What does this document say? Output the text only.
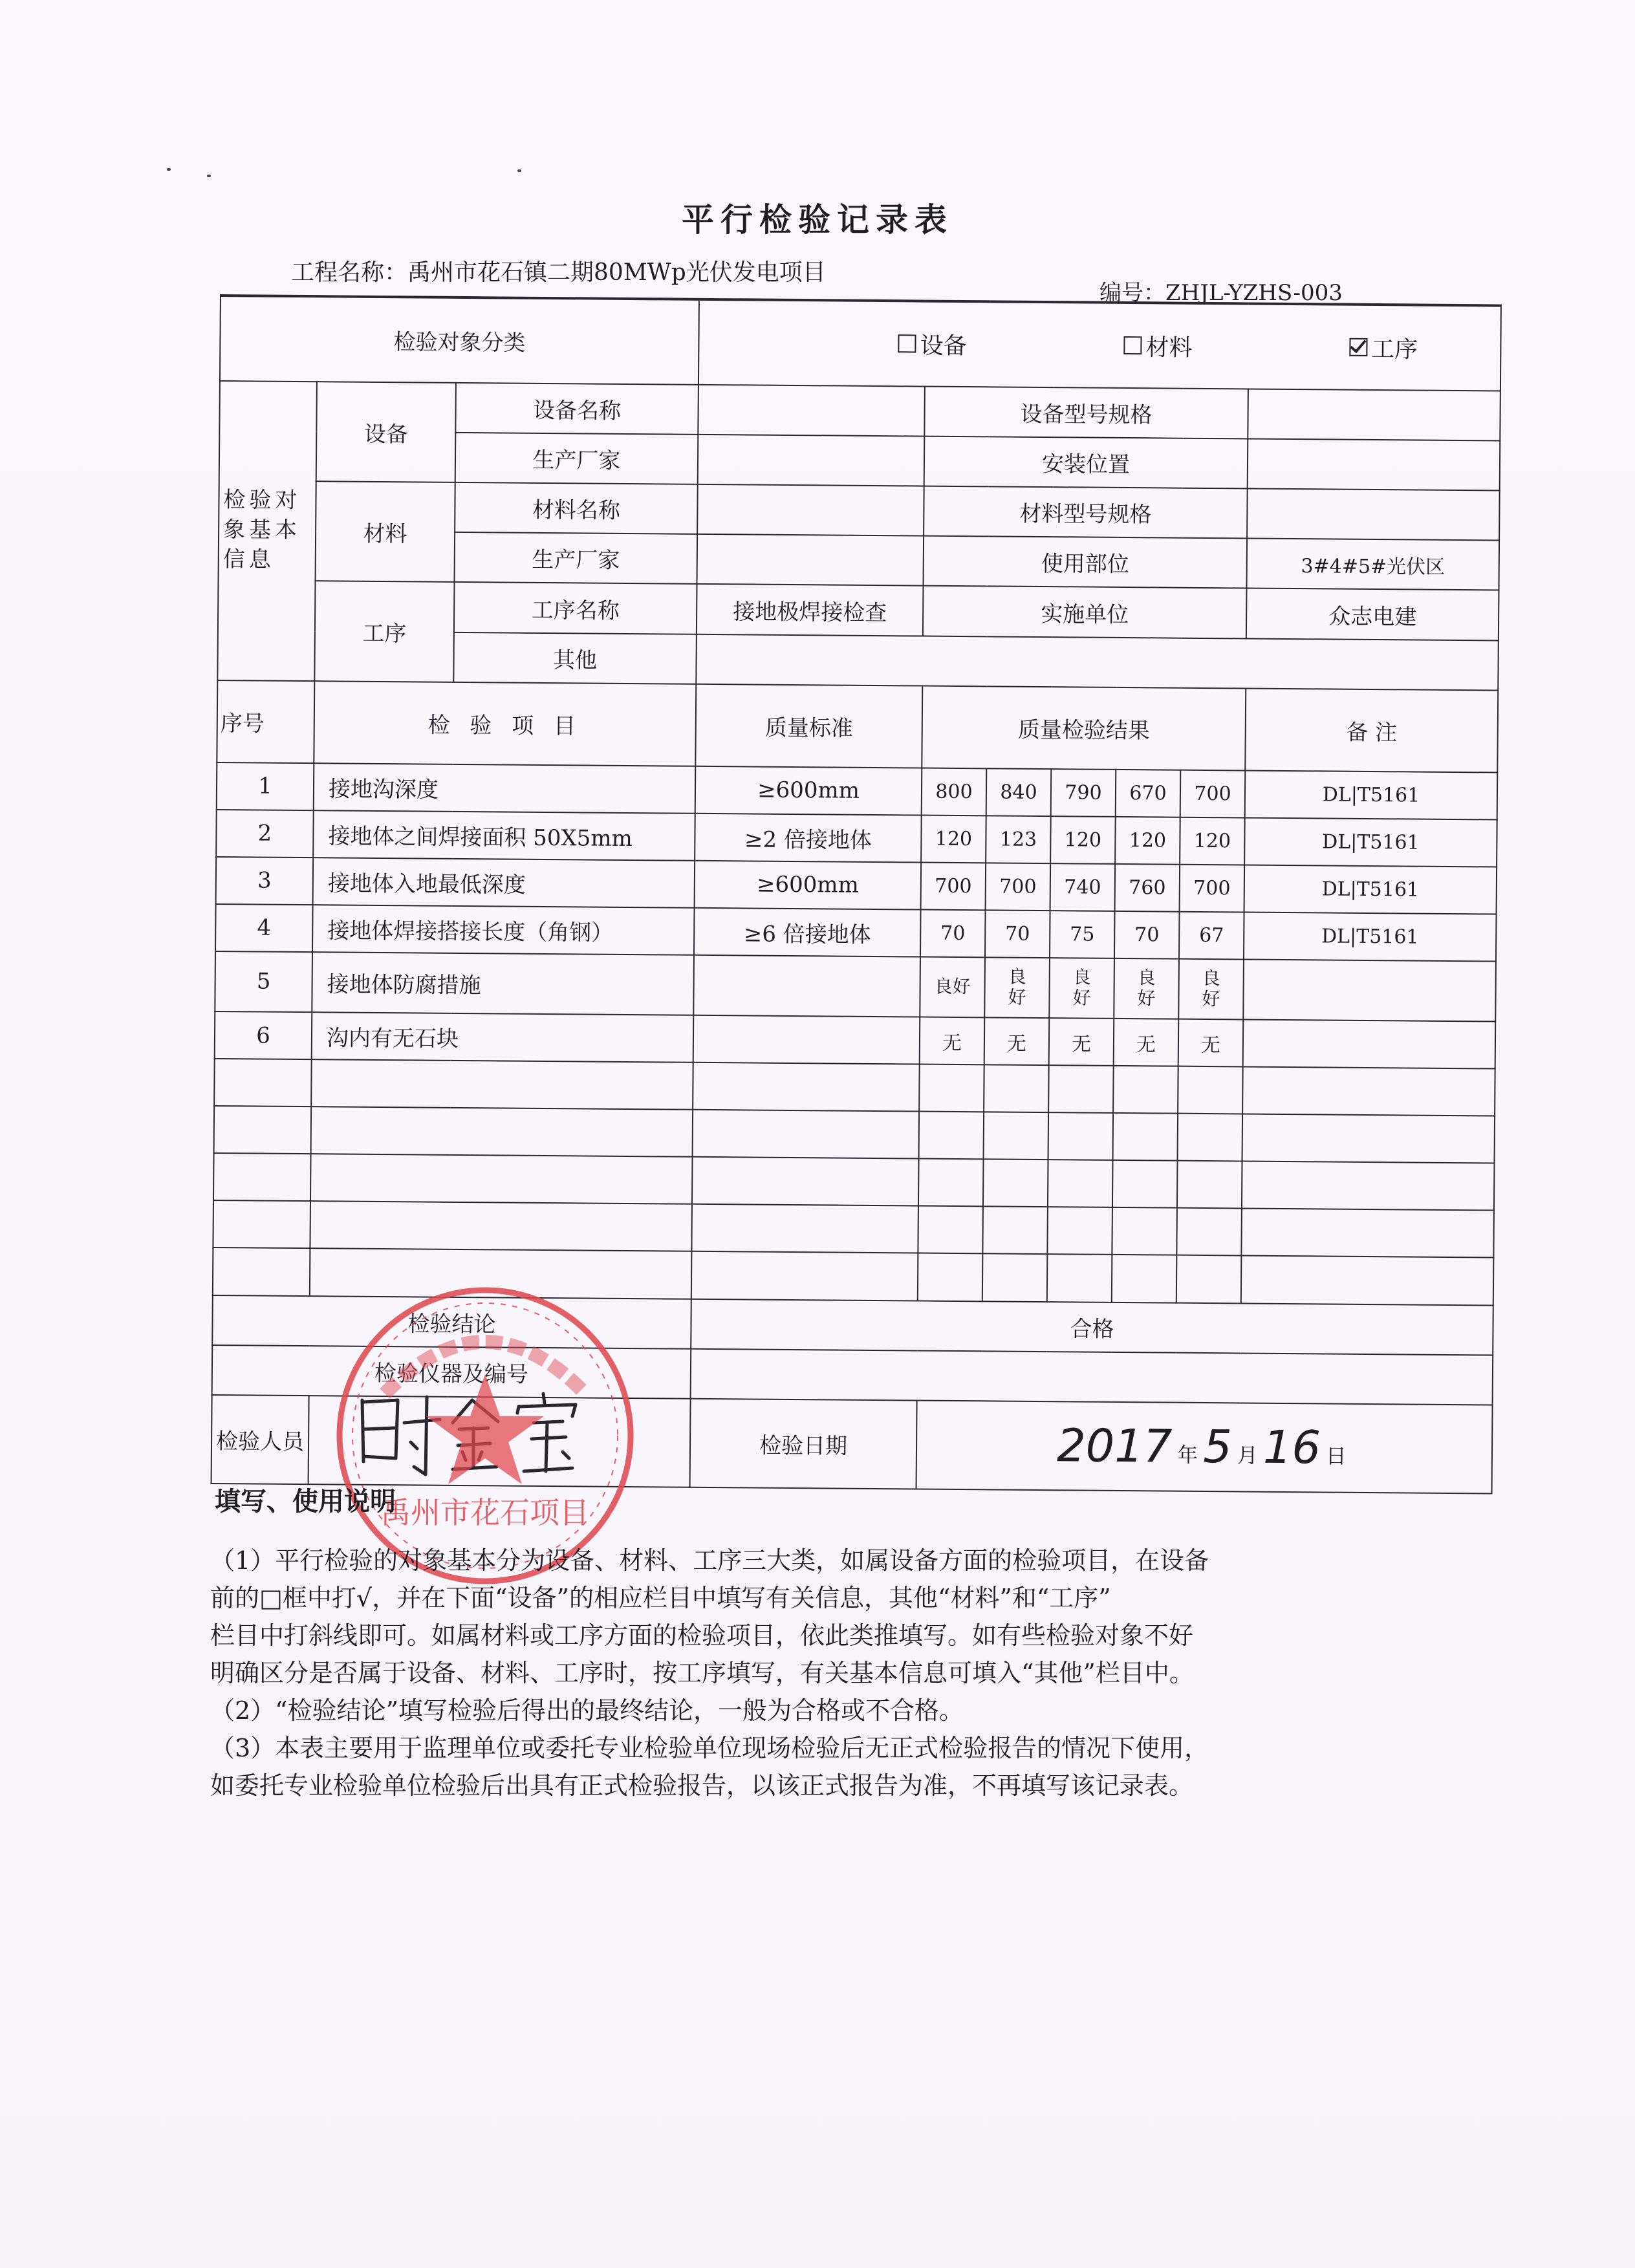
平行检验记录表
工程名称：禹州市花石镇二期80MWp光伏发电项目
编号：ZHJL-YZHS-003
检验对象分类			设备 材料 工序						

检验对象基本信息	设备	设备名称		设备型号规格					
		生产厂家		安装位置					
	材料	材料名称		材料型号规格					
		生产厂家		使用部位					3#4#5#光伏区
	工序	工序名称	接地极焊接检查	实施单位					众志电建
		其他							
序号	检 验 项 目		质量标准	质量检验结果					备 注
1	接地沟深度		≥600mm	800	840	790	670	700	DL|T5161
2	接地体之间焊接面积 50X5mm		≥2 倍接地体	120	123	120	120	120	DL|T5161
3	接地体入地最低深度		≥600mm	700	700	740	760	700	DL|T5161
4	接地体焊接搭接长度（角钢）		≥6 倍接地体	70	70	75	70	67	DL|T5161
5	接地体防腐措施			良好	良好	良好	良好	良好	
6	沟内有无石块			无	无	无	无	无	

检验结论			合格						
检验仪器及编号									
检验人员			检验日期	2017 年 5 月 16 日					
禹州市花石项目
填写、使用说明
（1）平行检验的对象基本分为设备、材料、工序三大类，如属设备方面的检验项目，在设备
前的□框中打√，并在下面“设备”的相应栏目中填写有关信息，其他“材料”和“工序”
栏目中打斜线即可。如属材料或工序方面的检验项目，依此类推填写。如有些检验对象不好
明确区分是否属于设备、材料、工序时，按工序填写，有关基本信息可填入“其他”栏目中。
（2）“检验结论”填写检验后得出的最终结论，一般为合格或不合格。
（3）本表主要用于监理单位或委托专业检验单位现场检验后无正式检验报告的情况下使用，
如委托专业检验单位检验后出具有正式检验报告，以该正式报告为准，不再填写该记录表。
